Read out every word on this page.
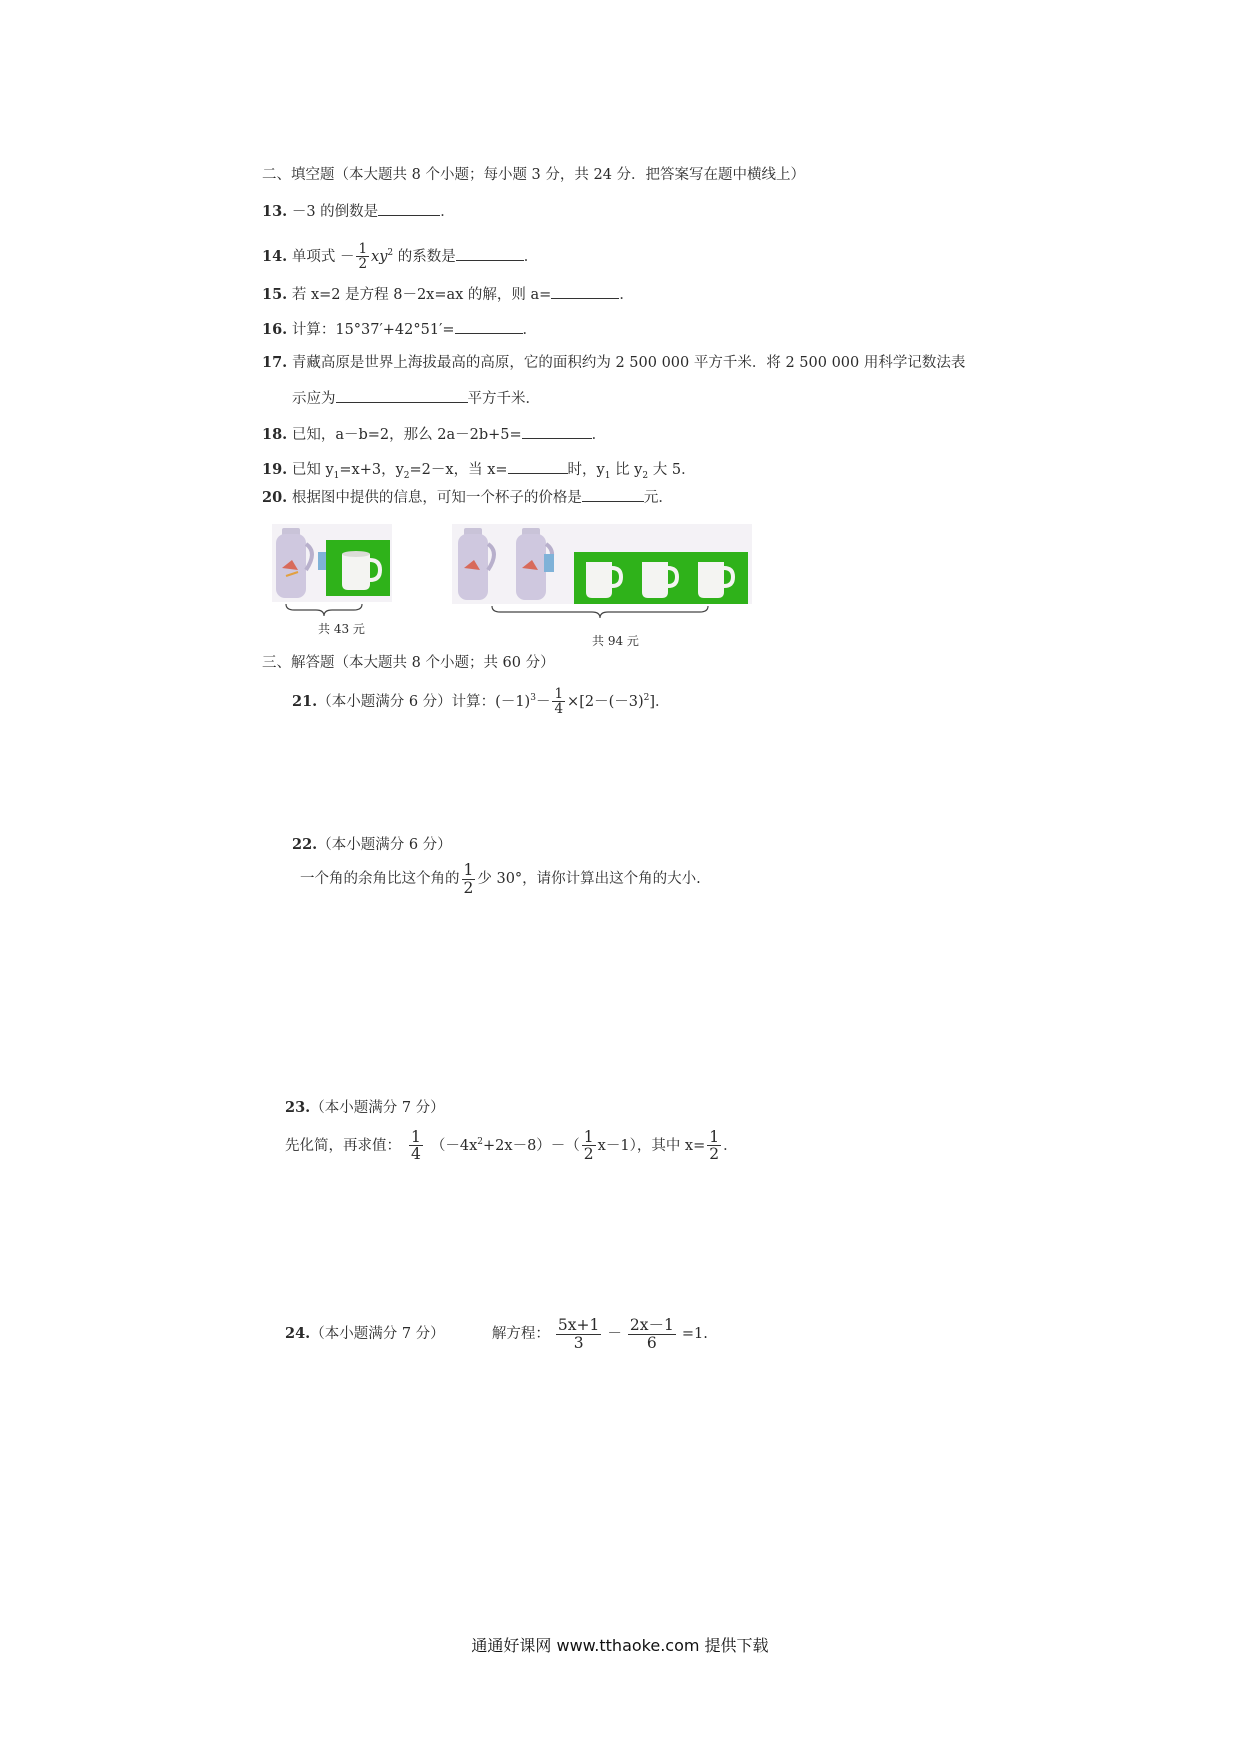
二、填空题（本大题共 8 个小题；每小题 3 分，共 24 分．把答案写在题中横线上）
13. －3 的倒数是	．
14. 单项式 － $\frac{1}{2} xy^2$ 的系数是	．
15. 若 x=2 是方程 8－2x=ax 的解，则 a=	．
16. 计算：15°37′+42°51′=	．
17. 青藏高原是世界上海拔最高的高原，它的面积约为 2 500 000 平方千米．将 2 500 000 用科学记数法表
示应为	平方千米．
18. 已知，a－b=2，那么 2a－2b+5=	．
19. 已知 $y_1=x+3$，$y_2=2-x$，当 x=	时，$y_1$ 比 $y_2$ 大 5．
20. 根据图中提供的信息，可知一个杯子的价格是	元．
共 43 元
共 94 元
三、解答题（本大题共 8 个小题；共 60 分）
21.（本小题满分 6 分）计算：$(-1)^3- \frac{1}{4} \times[2-(-3)^2]$．
22.（本小题满分 6 分）
一个角的余角比这个角的 $\frac{1}{2}$ 少 30°，请你计算出这个角的大小.
23.（本小题满分 7 分）
先化简，再求值： $\frac{1}{4} (-4x^2+2x-8)-( \frac{1}{2} x-1)$，其中 $x= \frac{1}{2}$ ．
24.（本小题满分 7 分）	解方程： $\frac{5x+1}{3} - \frac{2x-1}{6} =1$.
通通好课网 www.tthaoke.com 提供下载
